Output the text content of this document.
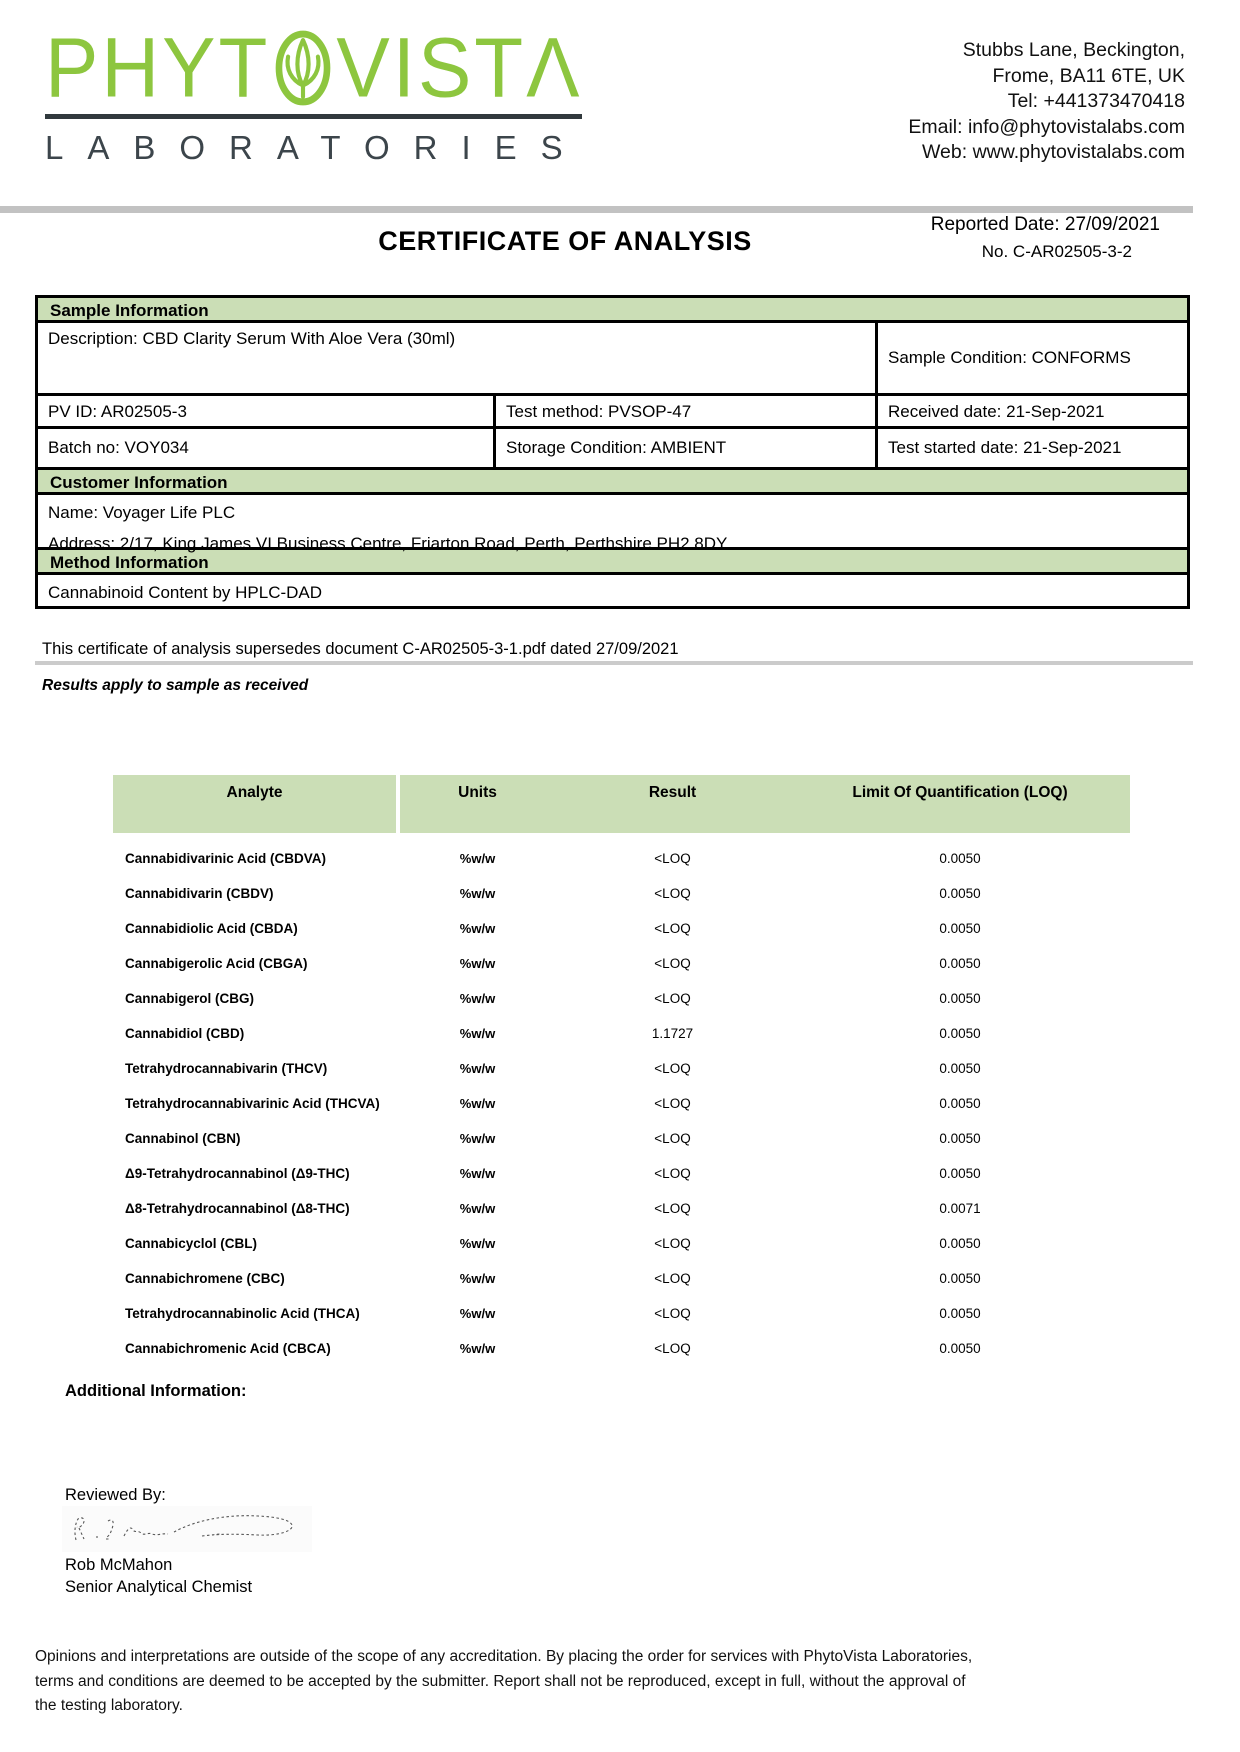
PHYT VIST Λ
LABORATORIES
Stubbs Lane, Beckington,
Frome, BA11 6TE, UK
Tel: +441373470418
Email: info@phytovistalabs.com
Web: www.phytovistalabs.com
Reported Date: 27/09/2021
No. C-AR02505-3-2
CERTIFICATE OF ANALYSIS
Sample Information
Description: CBD Clarity Serum With Aloe Vera (30ml)
Sample Condition: CONFORMS
PV ID: AR02505-3	Test method: PVSOP-47	Received date: 21-Sep-2021
Batch no: VOY034	Storage Condition: AMBIENT	Test started date: 21-Sep-2021
Customer Information
Name: Voyager Life PLC
Address: 2/17, King James VI Business Centre, Friarton Road, Perth, Perthshire PH2 8DY
Method Information
Cannabinoid Content by HPLC-DAD
This certificate of analysis supersedes document C-AR02505-3-1.pdf dated 27/09/2021
Results apply to sample as received
Analyte	Units	Result	Limit Of Quantification (LOQ)
Cannabidivarinic Acid (CBDVA)	%w/w	<LOQ	0.0050
Cannabidivarin (CBDV)	%w/w	<LOQ	0.0050
Cannabidiolic Acid (CBDA)	%w/w	<LOQ	0.0050
Cannabigerolic Acid (CBGA)	%w/w	<LOQ	0.0050
Cannabigerol (CBG)	%w/w	<LOQ	0.0050
Cannabidiol (CBD)	%w/w	1.1727	0.0050
Tetrahydrocannabivarin (THCV)	%w/w	<LOQ	0.0050
Tetrahydrocannabivarinic Acid (THCVA)	%w/w	<LOQ	0.0050
Cannabinol (CBN)	%w/w	<LOQ	0.0050
Δ9-Tetrahydrocannabinol (Δ9-THC)	%w/w	<LOQ	0.0050
Δ8-Tetrahydrocannabinol (Δ8-THC)	%w/w	<LOQ	0.0071
Cannabicyclol (CBL)	%w/w	<LOQ	0.0050
Cannabichromene (CBC)	%w/w	<LOQ	0.0050
Tetrahydrocannabinolic Acid (THCA)	%w/w	<LOQ	0.0050
Cannabichromenic Acid (CBCA)	%w/w	<LOQ	0.0050
Additional Information:
Reviewed By:
Rob McMahon
Senior Analytical Chemist
Opinions and interpretations are outside of the scope of any accreditation. By placing the order for services with PhytoVista Laboratories,
terms and conditions are deemed to be accepted by the submitter. Report shall not be reproduced, except in full, without the approval of
the testing laboratory.
